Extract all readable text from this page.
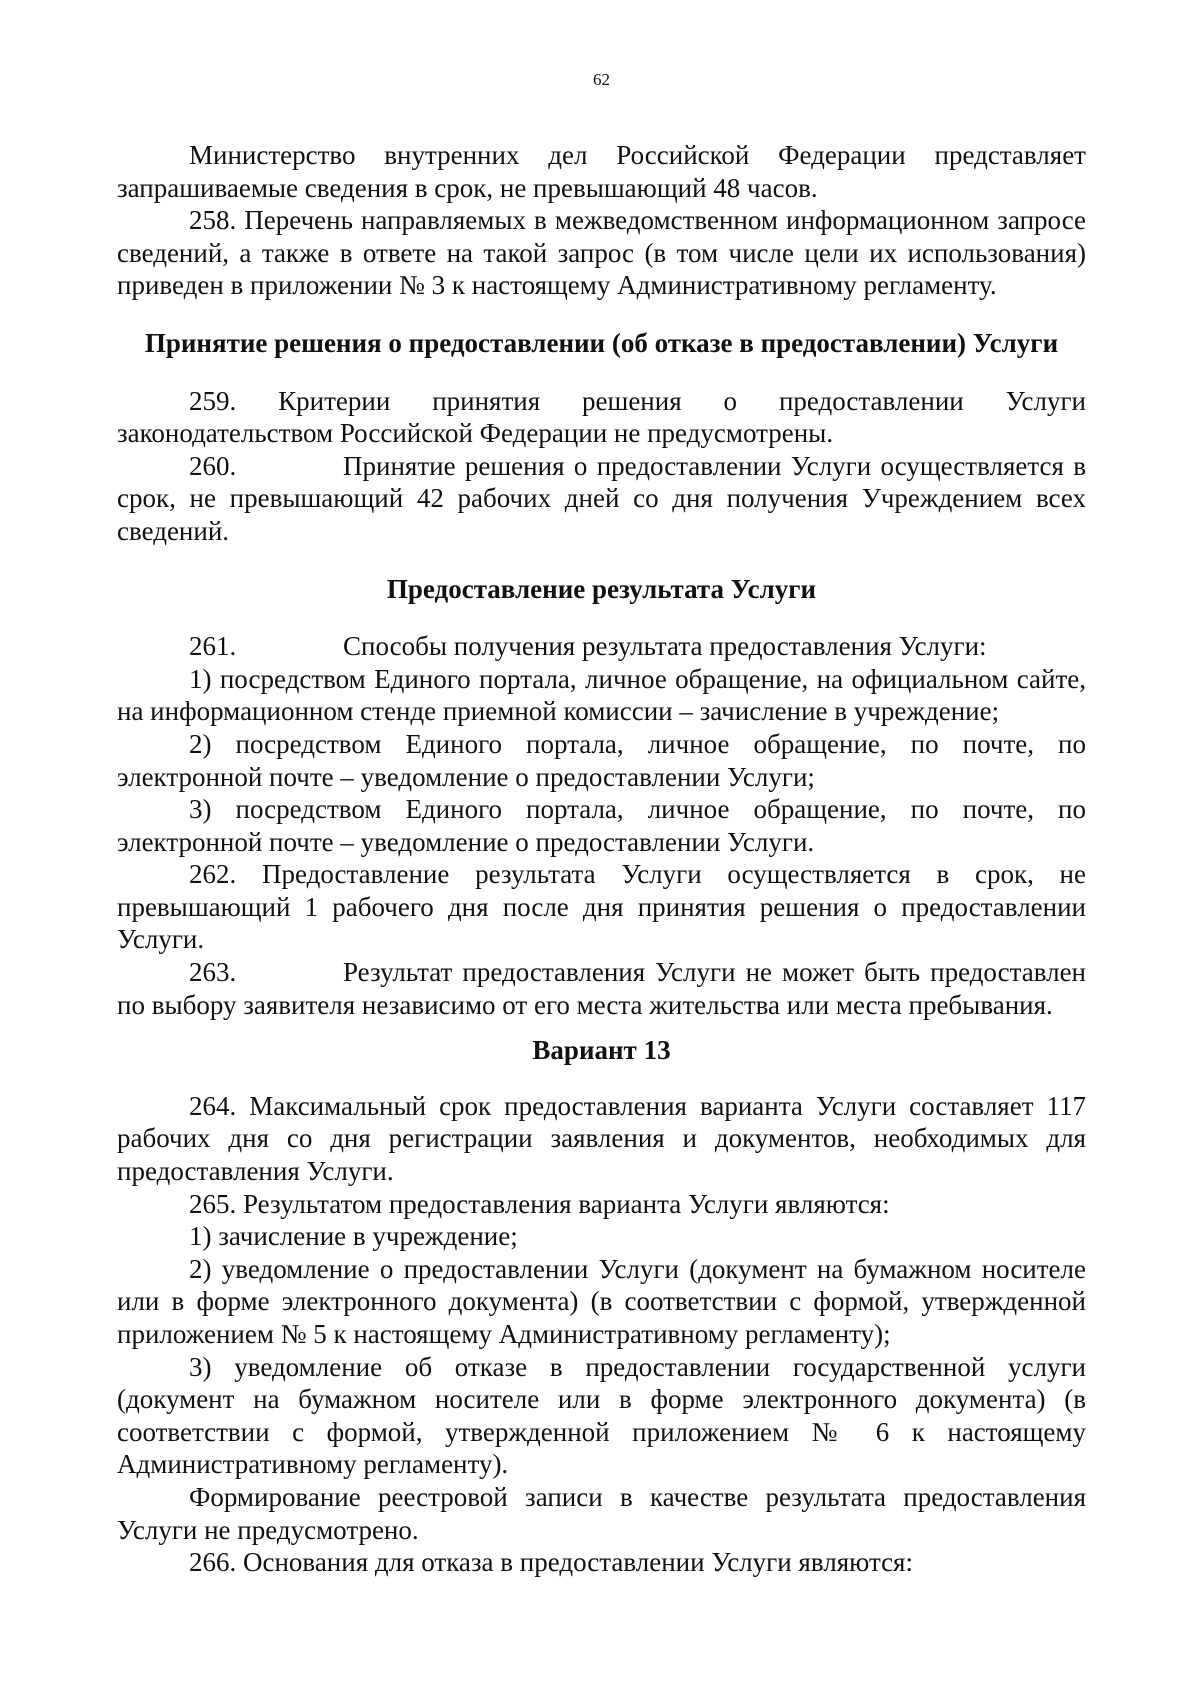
62

Министерство внутренних дел Российской Федерации представляет запрашиваемые сведения в срок, не превышающий 48 часов.

258. Перечень направляемых в межведомственном информационном запросе сведений, а также в ответе на такой запрос (в том числе цели их использования) приведен в приложении № 3 к настоящему Административному регламенту.

Принятие решения о предоставлении (об отказе в предоставлении) Услуги

259. Критерии принятия решения о предоставлении Услуги законодательством Российской Федерации не предусмотрены.

260.	Принятие решения о предоставлении Услуги осуществляется в срок, не превышающий 42 рабочих дней со дня получения Учреждением всех сведений.

Предоставление результата Услуги

261.	Способы получения результата предоставления Услуги:

1) посредством Единого портала, личное обращение, на официальном сайте, на информационном стенде приемной комиссии – зачисление в учреждение;

2) посредством Единого портала, личное обращение, по почте, по электронной почте – уведомление о предоставлении Услуги;

3) посредством Единого портала, личное обращение, по почте, по электронной почте – уведомление о предоставлении Услуги.

262. Предоставление результата Услуги осуществляется в срок, не превышающий 1 рабочего дня после дня принятия решения о предоставлении Услуги.

263.	Результат предоставления Услуги не может быть предоставлен по выбору заявителя независимо от его места жительства или места пребывания.

Вариант 13

264. Максимальный срок предоставления варианта Услуги составляет 117 рабочих дня со дня регистрации заявления и документов, необходимых для предоставления Услуги.

265. Результатом предоставления варианта Услуги являются:

1) зачисление в учреждение;

2) уведомление о предоставлении Услуги (документ на бумажном носителе или в форме электронного документа) (в соответствии с формой, утвержденной приложением № 5 к настоящему Административному регламенту);

3) уведомление об отказе в предоставлении государственной услуги (документ на бумажном носителе или в форме электронного документа) (в соответствии с формой, утвержденной приложением № 6 к настоящему Административному регламенту).

Формирование реестровой записи в качестве результата предоставления Услуги не предусмотрено.

266. Основания для отказа в предоставлении Услуги являются:
